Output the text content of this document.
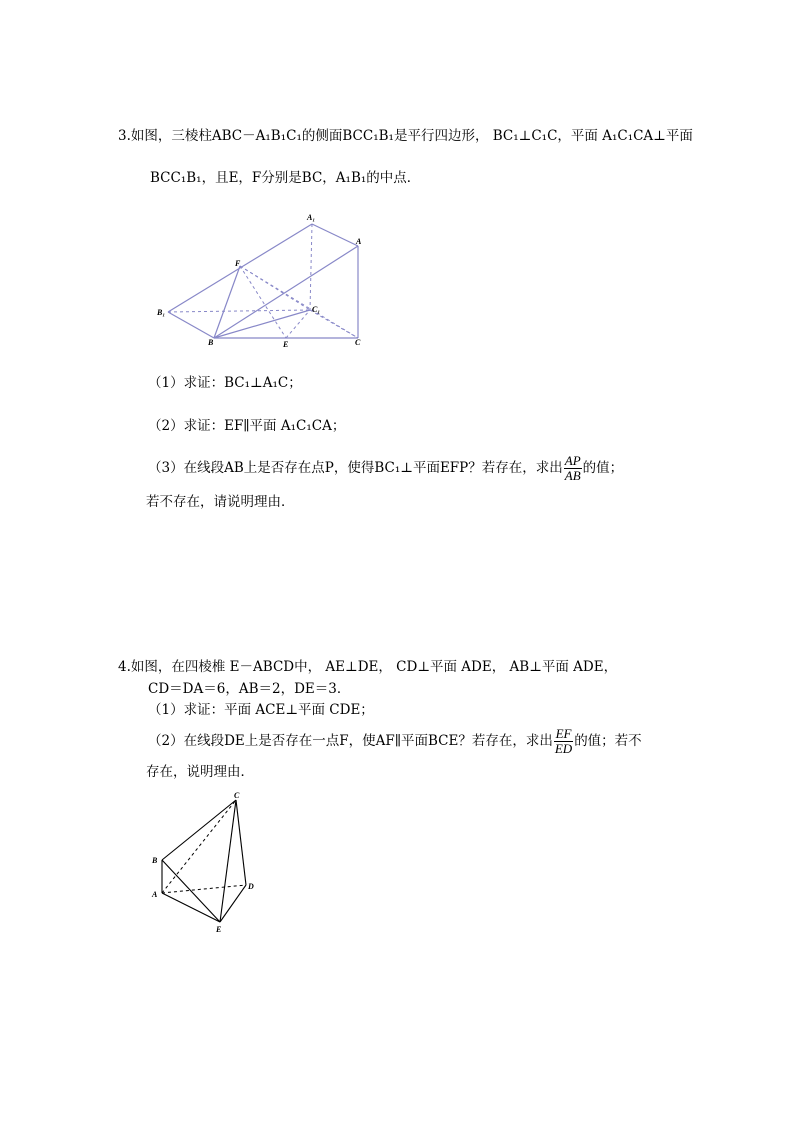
3.如图，三棱柱ABC－A₁B₁C₁的侧面BCC₁B₁是平行四边形， BC₁⊥C₁C，平面 A₁C₁CA⊥平面
BCC₁B₁，且E，F分别是BC，A₁B₁的中点．
A₁
A
F
B₁	C₁
B	E	C
（1）求证：BC₁⊥A₁C；
（2）求证：EF∥平面 A₁C₁CA；
（3）在线段AB上是否存在点P，使得BC₁⊥平面EFP？若存在，求出 $\frac{AP}{AB}$ 的值；
若不存在，请说明理由．
4.如图，在四棱椎 E－ABCD中， AE⊥DE， CD⊥平面 ADE， AB⊥平面 ADE，
CD＝DA＝6，AB＝2，DE＝3．
（1）求证：平面 ACE⊥平面 CDE；
（2）在线段DE上是否存在一点F，使AF∥平面BCE？若存在，求出 $\frac{EF}{ED}$ 的值；若不
存在，说明理由．
C
B
A
D
E
